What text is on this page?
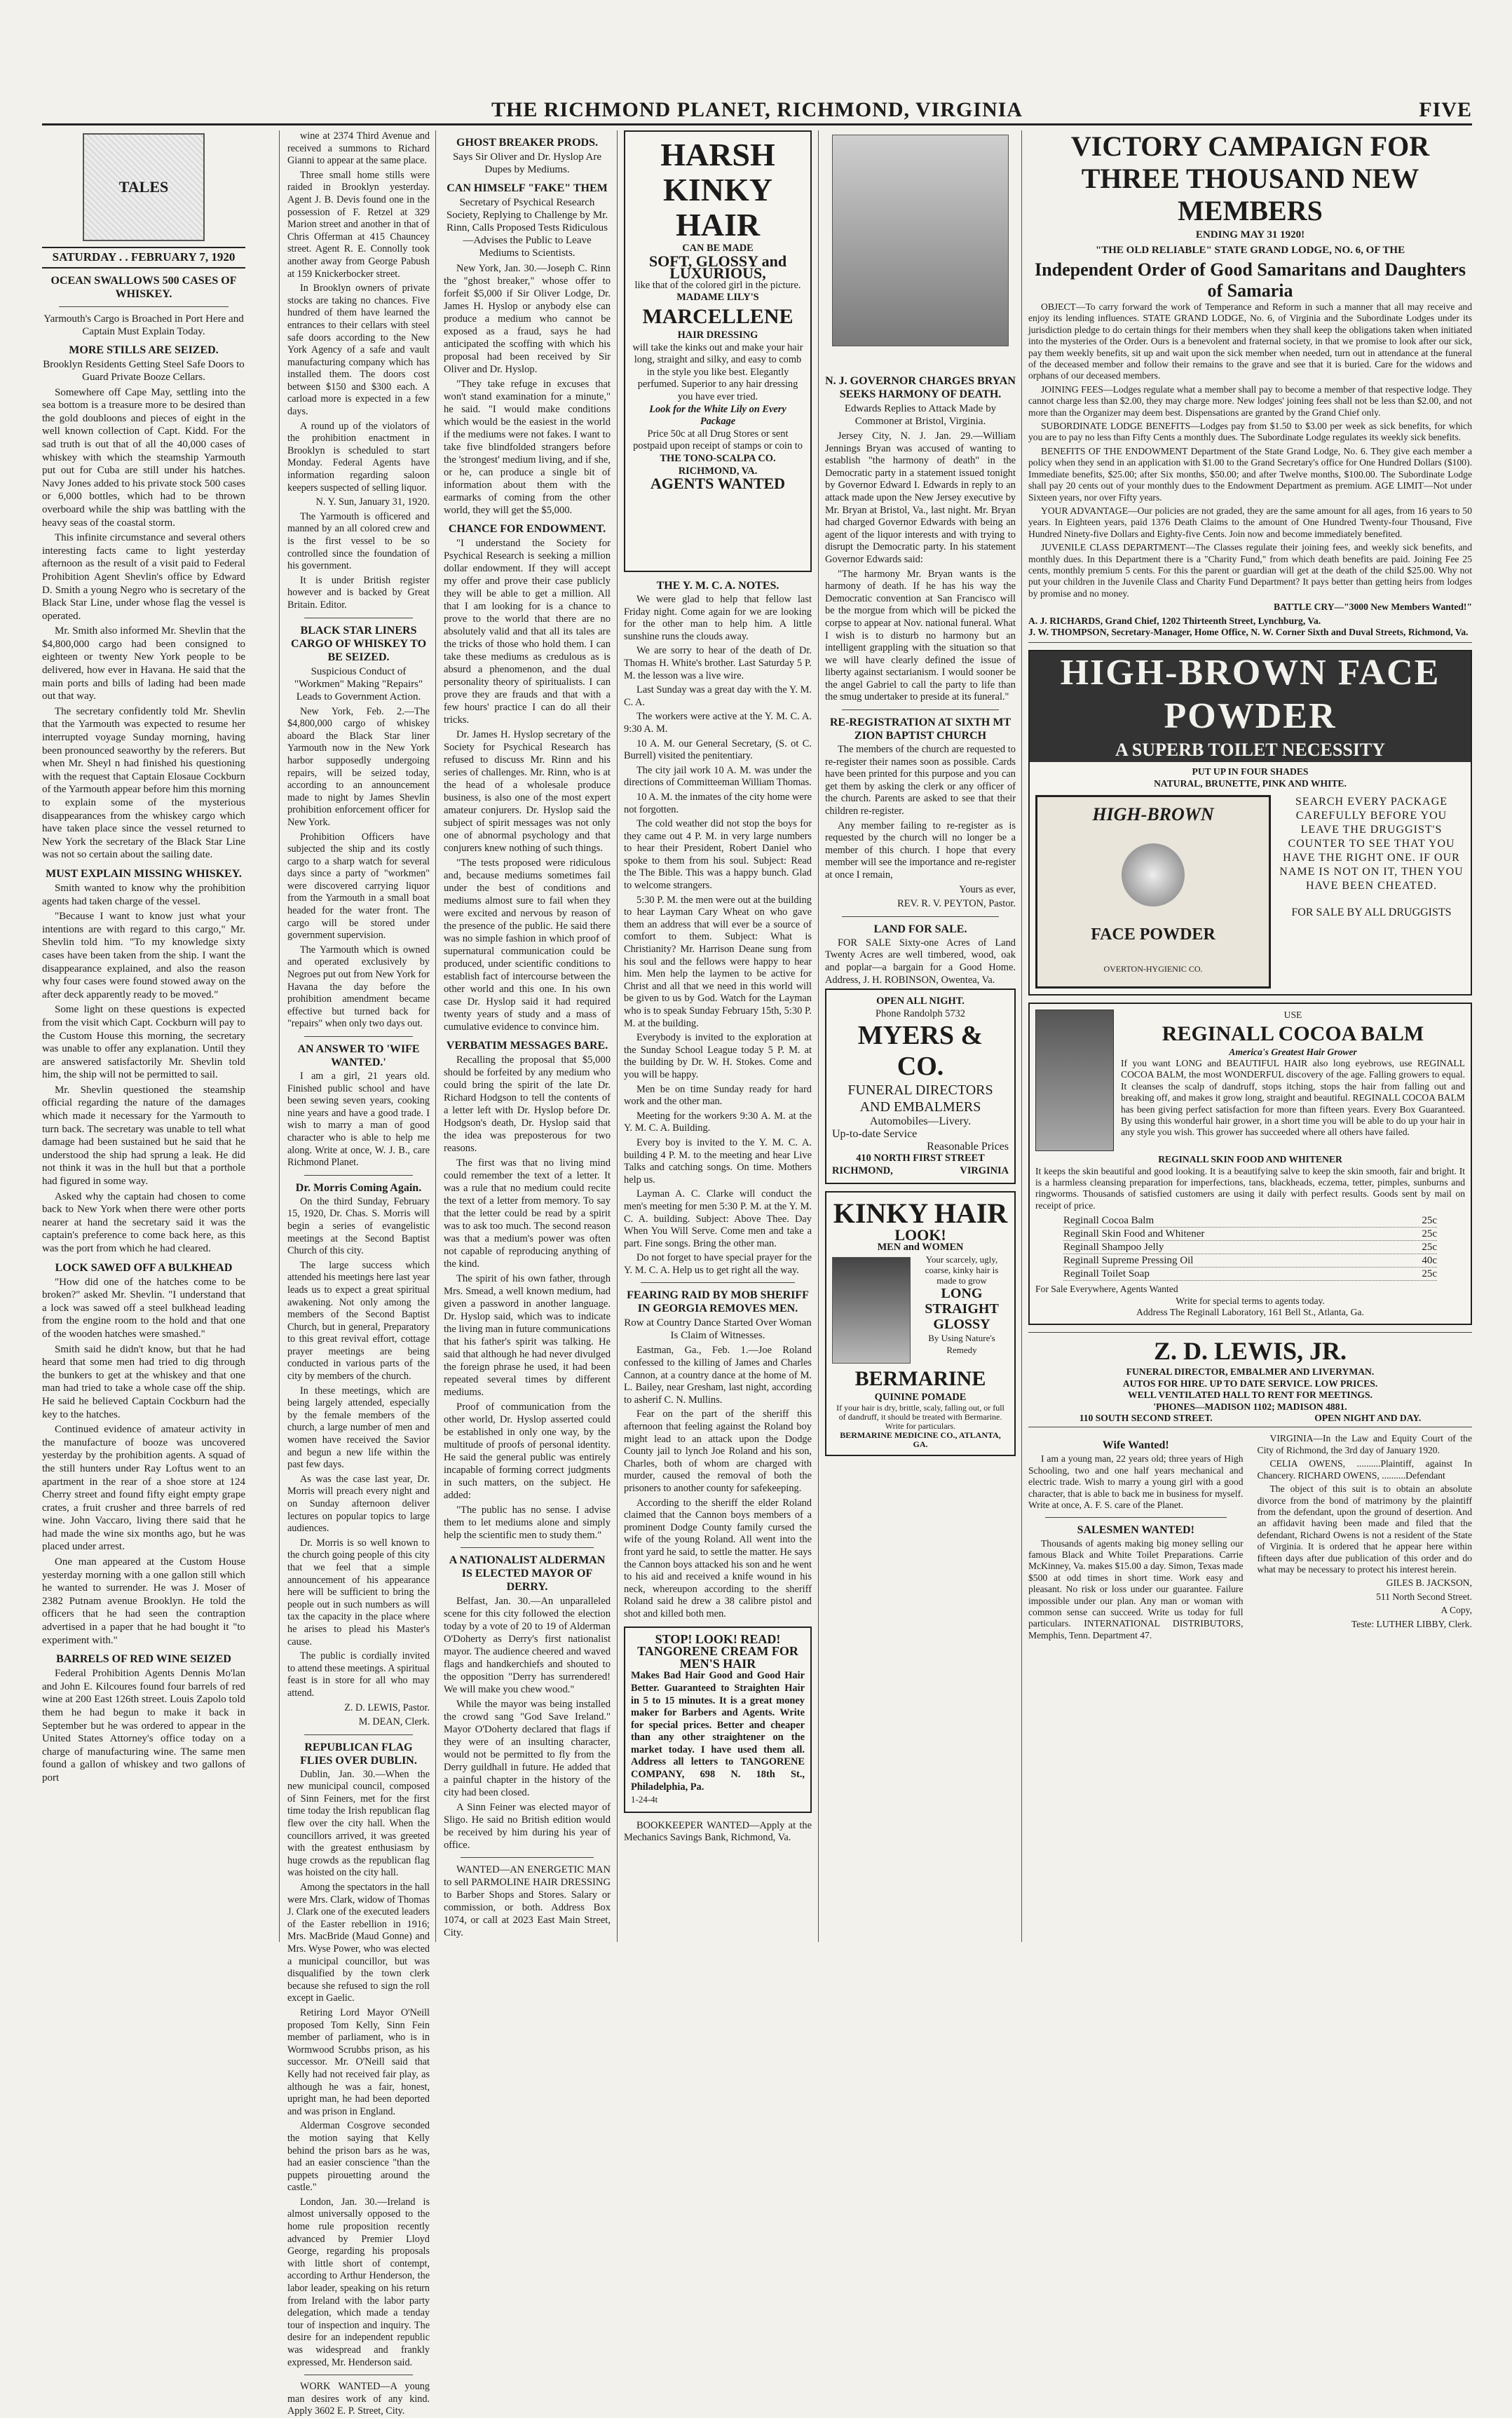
THE RICHMOND PLANET, RICHMOND, VIRGINIA	FIVE
TALES
SATURDAY . . FEBRUARY 7, 1920
OCEAN SWALLOWS 500 CASES OF WHISKEY.
Yarmouth's Cargo is Broached in Port Here and Captain Must Explain Today.
MORE STILLS ARE SEIZED.
Brooklyn Residents Getting Steel Safe Doors to Guard Private Booze Cellars.

Somewhere off Cape May, settling into the sea bottom is a treasure more to be desired than the gold doubloons and pieces of eight in the well known collection of Capt. Kidd. For the sad truth is out that of all the 40,000 cases of whiskey with which the steamship Yarmouth put out for Cuba are still under his hatches. Navy Jones added to his private stock 500 cases or 6,000 bottles, which had to be thrown overboard while the ship was battling with the heavy seas of the coastal storm.

This infinite circumstance and several others interesting facts came to light yesterday afternoon as the result of a visit paid to Federal Prohibition Agent Shevlin's office by Edward D. Smith a young Negro who is secretary of the Black Star Line, under whose flag the vessel is operated.

Mr. Smith also informed Mr. Shevlin that the $4,800,000 cargo had been consigned to eighteen or twenty New York people to be delivered, how ever in Havana. He said that the main ports and bills of lading had been made out that way.

The secretary confidently told Mr. Shevlin that the Yarmouth was expected to resume her interrupted voyage Sunday morning, having been pronounced seaworthy by the referers. But when Mr. Sheyl n had finished his questioning with the request that Captain Elosaue Cockburn of the Yarmouth appear before him this morning to explain some of the mysterious disappearances from the whiskey cargo which have taken place since the vessel returned to New York the secretary of the Black Star Line was not so certain about the sailing date.

MUST EXPLAIN MISSING WHISKEY.

Smith wanted to know why the prohibition agents had taken charge of the vessel.

"Because I want to know just what your intentions are with regard to this cargo," Mr. Shevlin told him. "To my knowledge sixty cases have been taken from the ship. I want the disappearance explained, and also the reason why four cases were found stowed away on the after deck apparently ready to be moved."

Some light on these questions is expected from the visit which Capt. Cockburn will pay to the Custom House this morning, the secretary was unable to offer any explanation. Until they are answered satisfactorily Mr. Shevlin told him, the ship will not be permitted to sail.

Mr. Shevlin questioned the steamship official regarding the nature of the damages which made it necessary for the Yarmouth to turn back. The secretary was unable to tell what damage had been sustained but he said that he understood the ship had sprung a leak. He did not think it was in the hull but that a porthole had figured in some way.

Asked why the captain had chosen to come back to New York when there were other ports nearer at hand the secretary said it was the captain's preference to come back here, as this was the port from which he had cleared.

LOCK SAWED OFF A BULKHEAD

"How did one of the hatches come to be broken?" asked Mr. Shevlin. "I understand that a lock was sawed off a steel bulkhead leading from the engine room to the hold and that one of the wooden hatches were smashed."

Smith said he didn't know, but that he had heard that some men had tried to dig through the bunkers to get at the whiskey and that one man had tried to take a whole case off the ship. He said he believed Captain Cockburn had the key to the hatches.

Continued evidence of amateur activity in the manufacture of booze was uncovered yesterday by the prohibition agents. A squad of the still hunters under Ray Loftus went to an apartment in the rear of a shoe store at 124 Cherry street and found fifty eight empty grape crates, a fruit crusher and three barrels of red wine. John Vaccaro, living there said that he had made the wine six months ago, but he was placed under arrest.

One man appeared at the Custom House yesterday morning with a one gallon still which he wanted to surrender. He was J. Moser of 2382 Putnam avenue Brooklyn. He told the officers that he had seen the contraption advertised in a paper that he had bought it "to experiment with."

BARRELS OF RED WINE SEIZED

Federal Prohibition Agents Dennis Mo'lan and John E. Kilcoures found four barrels of red wine at 200 East 126th street. Louis Zapolo told them he had begun to make it back in September but he was ordered to appear in the United States Attorney's office today on a charge of manufacturing wine. The same men found a gallon of whiskey and two gallons of port

wine at 2374 Third Avenue and received a summons to Richard Gianni to appear at the same place.

Three small home stills were raided in Brooklyn yesterday. Agent J. B. Devis found one in the possession of F. Retzel at 329 Marion street and another in that of Chris Offerman at 415 Chauncey street. Agent R. E. Connolly took another away from George Pabush at 159 Knickerbocker street.

In Brooklyn owners of private stocks are taking no chances. Five hundred of them have learned the entrances to their cellars with steel safe doors according to the New York Agency of a safe and vault manufacturing company which has installed them. The doors cost between $150 and $300 each. A carload more is expected in a few days.

A round up of the violators of the prohibition enactment in Brooklyn is scheduled to start Monday. Federal Agents have information regarding saloon keepers suspected of selling liquor.

N. Y. Sun, January 31, 1920.

The Yarmouth is officered and manned by an all colored crew and is the first vessel to be so controlled since the foundation of his government.

It is under British register however and is backed by Great Britain. Editor.

BLACK STAR LINERS CARGO OF WHISKEY TO BE SEIZED.
Suspicious Conduct of "Workmen" Making "Repairs" Leads to Government Action.

New York, Feb. 2.—The $4,800,000 cargo of whiskey aboard the Black Star liner Yarmouth now in the New York harbor supposedly undergoing repairs, will be seized today, according to an announcement made to night by James Shevlin prohibition enforcement officer for New York.

Prohibition Officers have subjected the ship and its costly cargo to a sharp watch for several days since a party of "workmen" were discovered carrying liquor from the Yarmouth in a small boat headed for the water front. The cargo will be stored under government supervision.

The Yarmouth which is owned and operated exclusively by Negroes put out from New York for Havana the day before the prohibition amendment became effective but turned back for "repairs" when only two days out.

AN ANSWER TO 'WIFE WANTED.'

I am a girl, 21 years old. Finished public school and have been sewing seven years, cooking nine years and have a good trade. I wish to marry a man of good character who is able to help me along. Write at once, W. J. B., care Richmond Planet.

Dr. Morris Coming Again.

On the third Sunday, February 15, 1920, Dr. Chas. S. Morris will begin a series of evangelistic meetings at the Second Baptist Church of this city.

The large success which attended his meetings here last year leads us to expect a great spiritual awakening. Not only among the members of the Second Baptist Church, but in general, Preparatory to this great revival effort, cottage prayer meetings are being conducted in various parts of the city by members of the church.

In these meetings, which are being largely attended, especially by the female members of the church, a large number of men and women have received the Savior and begun a new life within the past few days.

As was the case last year, Dr. Morris will preach every night and on Sunday afternoon deliver lectures on popular topics to large audiences.

Dr. Morris is so well known to the church going people of this city that we feel that a simple announcement of his appearance here will be sufficient to bring the people out in such numbers as will tax the capacity in the place where he arises to plead his Master's cause.

The public is cordially invited to attend these meetings. A spiritual feast is in store for all who may attend.

Z. D. LEWIS, Pastor.
M. DEAN, Clerk.
REPUBLICAN FLAG FLIES OVER DUBLIN.

Dublin, Jan. 30.—When the new municipal council, composed of Sinn Feiners, met for the first time today the Irish republican flag flew over the city hall. When the councillors arrived, it was greeted with the greatest enthusiasm by huge crowds as the republican flag was hoisted on the city hall.

Among the spectators in the hall were Mrs. Clark, widow of Thomas J. Clark one of the executed leaders of the Easter rebellion in 1916; Mrs. MacBride (Maud Gonne) and Mrs. Wyse Power, who was elected a municipal councillor, but was disqualified by the town clerk because she refused to sign the roll except in Gaelic.

Retiring Lord Mayor O'Neill proposed Tom Kelly, Sinn Fein member of parliament, who is in Wormwood Scrubbs prison, as his successor. Mr. O'Neill said that Kelly had not received fair play, as although he was a fair, honest, upright man, he had been deported and was prison in England.

Alderman Cosgrove seconded the motion saying that Kelly behind the prison bars as he was, had an easier conscience "than the puppets pirouetting around the castle."

London, Jan. 30.—Ireland is almost universally opposed to the home rule proposition recently advanced by Premier Lloyd George, regarding his proposals with little short of contempt, according to Arthur Henderson, the labor leader, speaking on his return from Ireland with the labor party delegation, which made a tenday tour of inspection and inquiry. The desire for an independent republic was widespread and frankly expressed, Mr. Henderson said.

WORK WANTED—A young man desires work of any kind. Apply 3602 E. P. Street, City.

GHOST BREAKER PRODS.
Says Sir Oliver and Dr. Hyslop Are Dupes by Mediums.
CAN HIMSELF "FAKE" THEM
Secretary of Psychical Research Society, Replying to Challenge by Mr. Rinn, Calls Proposed Tests Ridiculous—Advises the Public to Leave Mediums to Scientists.

New York, Jan. 30.—Joseph C. Rinn the "ghost breaker," whose offer to forfeit $5,000 if Sir Oliver Lodge, Dr. James H. Hyslop or anybody else can produce a medium who cannot be exposed as a fraud, says he had anticipated the scoffing with which his proposal had been received by Sir Oliver and Dr. Hyslop.

"They take refuge in excuses that won't stand examination for a minute," he said. "I would make conditions which would be the easiest in the world if the mediums were not fakes. I want to take five blindfolded strangers before the 'strongest' medium living, and if she, or he, can produce a single bit of information about them with the earmarks of coming from the other world, they will get the $5,000.

CHANCE FOR ENDOWMENT.

"I understand the Society for Psychical Research is seeking a million dollar endowment. If they will accept my offer and prove their case publicly they will be able to get a million. All that I am looking for is a chance to prove to the world that there are no absolutely valid and that all its tales are the tricks of those who hold them. I can take these mediums as credulous as is absurd a phenomenon, and the dual personality theory of spiritualists. I can prove they are frauds and that with a few hours' practice I can do all their tricks.

Dr. James H. Hyslop secretary of the Society for Psychical Research has refused to discuss Mr. Rinn and his series of challenges. Mr. Rinn, who is at the head of a wholesale produce business, is also one of the most expert amateur conjurers. Dr. Hyslop said the subject of spirit messages was not only one of abnormal psychology and that conjurers knew nothing of such things.

"The tests proposed were ridiculous and, because mediums sometimes fail under the best of conditions and mediums almost sure to fail when they were excited and nervous by reason of the presence of the public. He said there was no simple fashion in which proof of supernatural communication could be produced, under scientific conditions to establish fact of intercourse between the other world and this one. In his own case Dr. Hyslop said it had required twenty years of study and a mass of cumulative evidence to convince him.

VERBATIM MESSAGES BARE.

Recalling the proposal that $5,000 should be forfeited by any medium who could bring the spirit of the late Dr. Richard Hodgson to tell the contents of a letter left with Dr. Hyslop before Dr. Hodgson's death, Dr. Hyslop said that the idea was preposterous for two reasons.

The first was that no living mind could remember the text of a letter. It was a rule that no medium could recite the text of a letter from memory. To say that the letter could be read by a spirit was to ask too much. The second reason was that a medium's power was often not capable of reproducing anything of the kind.

The spirit of his own father, through Mrs. Smead, a well known medium, had given a password in another language. Dr. Hyslop said, which was to indicate the living man in future communications that his father's spirit was talking. He said that although he had never divulged the foreign phrase he used, it had been repeated several times by different mediums.

Proof of communication from the other world, Dr. Hyslop asserted could be established in only one way, by the multitude of proofs of personal identity. He said the general public was entirely incapable of forming correct judgments in such matters, on the subject. He added:

"The public has no sense. I advise them to let mediums alone and simply help the scientific men to study them."

A NATIONALIST ALDERMAN IS ELECTED MAYOR OF DERRY.

Belfast, Jan. 30.—An unparalleled scene for this city followed the election today by a vote of 20 to 19 of Alderman O'Doherty as Derry's first nationalist mayor. The audience cheered and waved flags and handkerchiefs and shouted to the opposition "Derry has surrendered! We will make you chew wood."

While the mayor was being installed the crowd sang "God Save Ireland." Mayor O'Doherty declared that flags if they were of an insulting character, would not be permitted to fly from the Derry guildhall in future. He added that a painful chapter in the history of the city had been closed.

A Sinn Feiner was elected mayor of Sligo. He said no British edition would be received by him during his year of office.

WANTED—AN ENERGETIC MAN to sell PARMOLINE HAIR DRESSING to Barber Shops and Stores. Salary or commission, or both. Address Box 1074, or call at 2023 East Main Street, City.

HARSH KINKY HAIR
CAN BE MADE
SOFT, GLOSSY and LUXURIOUS,
like that of the colored girl in the picture.
MADAME LILY'S
MARCELLENE
HAIR DRESSING
will take the kinks out and make your hair long, straight and silky, and easy to comb in the style you like best. Elegantly perfumed. Superior to any hair dressing you have ever tried.
Look for the White Lily on Every Package
Price 50c at all Drug Stores or sent postpaid upon receipt of stamps or coin to
THE TONO-SCALPA CO.
RICHMOND, VA.
AGENTS WANTED
THE Y. M. C. A. NOTES.

We were glad to help that fellow last Friday night. Come again for we are looking for the other man to help him. A little sunshine runs the clouds away.

We are sorry to hear of the death of Dr. Thomas H. White's brother. Last Saturday 5 P. M. the lesson was a live wire.

Last Sunday was a great day with the Y. M. C. A.

The workers were active at the Y. M. C. A. 9:30 A. M.

10 A. M. our General Secretary, (S. ot C. Burrell) visited the penitentiary.

The city jail work 10 A. M. was under the directions of Committeeman William Thomas.

10 A. M. the inmates of the city home were not forgotten.

The cold weather did not stop the boys for they came out 4 P. M. in very large numbers to hear their President, Robert Daniel who spoke to them from his soul. Subject: Read the The Bible. This was a happy bunch. Glad to welcome strangers.

5:30 P. M. the men were out at the building to hear Layman Cary Wheat on who gave them an address that will ever be a source of comfort to them. Subject: What is Christianity? Mr. Harrison Deane sung from his soul and the fellows were happy to hear him. Men help the laymen to be active for Christ and all that we need in this world will be given to us by God. Watch for the Layman who is to speak Sunday February 15th, 5:30 P. M. at the building.

Everybody is invited to the exploration at the Sunday School League today 5 P. M. at the building by Dr. W. H. Stokes. Come and you will be happy.

Men be on time Sunday ready for hard work and the other man.

Meeting for the workers 9:30 A. M. at the Y. M. C. A. Building.

Every boy is invited to the Y. M. C. A. building 4 P. M. to the meeting and hear Live Talks and catching songs. On time. Mothers help us.

Layman A. C. Clarke will conduct the men's meeting for men 5:30 P. M. at the Y. M. C. A. building. Subject: Above Thee. Day When You Will Serve. Come men and take a part. Fine songs. Bring the other man.

Do not forget to have special prayer for the Y. M. C. A. Help us to get right all the way.

FEARING RAID BY MOB SHERIFF IN GEORGIA REMOVES MEN.
Row at Country Dance Started Over Woman Is Claim of Witnesses.

Eastman, Ga., Feb. 1.—Joe Roland confessed to the killing of James and Charles Cannon, at a country dance at the home of M. L. Bailey, near Gresham, last night, according to asherif C. N. Mullins.

Fear on the part of the sheriff this afternoon that feeling against the Roland boy might lead to an attack upon the Dodge County jail to lynch Joe Roland and his son, Charles, both of whom are charged with murder, caused the removal of both the prisoners to another county for safekeeping.

According to the sheriff the elder Roland claimed that the Cannon boys members of a prominent Dodge County family cursed the wife of the young Roland. All went into the front yard he said, to settle the matter. He says the Cannon boys attacked his son and he went to his aid and received a knife wound in his neck, whereupon according to the sheriff Roland said he drew a 38 calibre pistol and shot and killed both men.

STOP! LOOK! READ!
TANGORENE CREAM FOR MEN'S HAIR
Makes Bad Hair Good and Good Hair Better. Guaranteed to Straighten Hair in 5 to 15 minutes. It is a great money maker for Barbers and Agents. Write for special prices. Better and cheaper than any other straightener on the market today. I have used them all. Address all letters to TANGORENE COMPANY, 698 N. 18th St., Philadelphia, Pa.
1-24-4t

BOOKKEEPER WANTED—Apply at the Mechanics Savings Bank, Richmond, Va.

N. J. GOVERNOR CHARGES BRYAN SEEKS HARMONY OF DEATH.
Edwards Replies to Attack Made by Commoner at Bristol, Virginia.

Jersey City, N. J. Jan. 29.—William Jennings Bryan was accused of wanting to establish "the harmony of death" in the Democratic party in a statement issued tonight by Governor Edward I. Edwards in reply to an attack made upon the New Jersey executive by Mr. Bryan at Bristol, Va., last night. Mr. Bryan had charged Governor Edwards with being an agent of the liquor interests and with trying to disrupt the Democratic party. In his statement Governor Edwards said:

"The harmony Mr. Bryan wants is the harmony of death. If he has his way the Democratic convention at San Francisco will be the morgue from which will be picked the corpse to appear at Nov. national funeral. What I wish is to disturb no harmony but an intelligent grappling with the situation so that we will have clearly defined the issue of liberty against sectarianism. I would sooner be the angel Gabriel to call the party to life than the smug undertaker to preside at its funeral."

RE-REGISTRATION AT SIXTH MT ZION BAPTIST CHURCH

The members of the church are requested to re-register their names soon as possible. Cards have been printed for this purpose and you can get them by asking the clerk or any officer of the church. Parents are asked to see that their children re-register.

Any member failing to re-register as is requested by the church will no longer be a member of this church. I hope that every member will see the importance and re-register at once I remain,

Yours as ever,
REV. R. V. PEYTON, Pastor.
LAND FOR SALE.

FOR SALE Sixty-one Acres of Land Twenty Acres are well timbered, wood, oak and poplar—a bargain for a Good Home. Address, J. H. ROBINSON, Owentea, Va.

OPEN ALL NIGHT.
Phone Randolph 5732
MYERS & CO.
FUNERAL DIRECTORS AND EMBALMERS
Automobiles—Livery.
Up-to-date Service
Reasonable Prices
410 NORTH FIRST STREET
RICHMOND,	VIRGINIA
KINKY HAIR
LOOK!
MEN and WOMEN
Your scarcely, ugly, coarse, kinky hair is made to grow
LONG STRAIGHT GLOSSY
By Using Nature's Remedy
BERMARINE
QUININE POMADE
If your hair is dry, brittle, scaly, falling out, or full of dandruff, it should be treated with Bermarine. Write for particulars.
BERMARINE MEDICINE CO., ATLANTA, GA.
VICTORY CAMPAIGN FOR THREE THOUSAND NEW MEMBERS
ENDING MAY 31 1920!
"THE OLD RELIABLE" STATE GRAND LODGE, NO. 6, OF THE
Independent Order of Good Samaritans and Daughters of Samaria

OBJECT—To carry forward the work of Temperance and Reform in such a manner that all may receive and enjoy its lending influences. STATE GRAND LODGE, No. 6, of Virginia and the Subordinate Lodges under its jurisdiction pledge to do certain things for their members when they shall keep the obligations taken when initiated into the mysteries of the Order. Ours is a benevolent and fraternal society, in that we promise to look after our sick, pay them weekly benefits, sit up and wait upon the sick member when needed, turn out in attendance at the funeral of the deceased member and follow their remains to the grave and see that it is buried. Care for the widows and orphans of our deceased members.

JOINING FEES—Lodges regulate what a member shall pay to become a member of that respective lodge. They cannot charge less than $2.00, they may charge more. New lodges' joining fees shall not be less than $2.00, and not more than the Organizer may deem best. Dispensations are granted by the Grand Chief only.

SUBORDINATE LODGE BENEFITS—Lodges pay from $1.50 to $3.00 per week as sick benefits, for which you are to pay no less than Fifty Cents a monthly dues. The Subordinate Lodge regulates its weekly sick benefits.

BENEFITS OF THE ENDOWMENT Department of the State Grand Lodge, No. 6. They give each member a policy when they send in an application with $1.00 to the Grand Secretary's office for One Hundred Dollars ($100). Immediate benefits, $25.00; after Six months, $50.00; and after Twelve months, $100.00. The Subordinate Lodge shall pay 20 cents out of your monthly dues to the Endowment Department as premium. AGE LIMIT—Not under Sixteen years, nor over Fifty years.

YOUR ADVANTAGE—Our policies are not graded, they are the same amount for all ages, from 16 years to 50 years. In Eighteen years, paid 1376 Death Claims to the amount of One Hundred Twenty-four Thousand, Five Hundred Ninety-five Dollars and Eighty-five Cents. Join now and become immediately benefited.

JUVENILE CLASS DEPARTMENT—The Classes regulate their joining fees, and weekly sick benefits, and monthly dues. In this Department there is a "Charity Fund," from which death benefits are paid. Joining Fee 25 cents, monthly premium 5 cents. For this the parent or guardian will get at the death of the child $25.00. Why not put your children in the Juvenile Class and Charity Fund Department? It pays better than getting heirs from lodges by promise and no money.

BATTLE CRY—"3000 New Members Wanted!"
A. J. RICHARDS, Grand Chief, 1202 Thirteenth Street, Lynchburg, Va.
J. W. THOMPSON, Secretary-Manager, Home Office, N. W. Corner Sixth and Duval Streets, Richmond, Va.
HIGH-BROWN FACE POWDER
A SUPERB TOILET NECESSITY
PUT UP IN FOUR SHADES
NATURAL, BRUNETTE, PINK AND WHITE.
HIGH-BROWN
FACE POWDER
OVERTON-HYGIENIC CO.
SEARCH EVERY PACKAGE CAREFULLY BEFORE YOU LEAVE THE DRUGGIST'S COUNTER TO SEE THAT YOU HAVE THE RIGHT ONE. IF OUR NAME IS NOT ON IT, THEN YOU HAVE BEEN CHEATED.
FOR SALE BY ALL DRUGGISTS
USE
REGINALL COCOA BALM
America's Greatest Hair Grower
If you want LONG and BEAUTIFUL HAIR also long eyebrows, use REGINALL COCOA BALM, the most WONDERFUL discovery of the age. Falling growers to equal. It cleanses the scalp of dandruff, stops itching, stops the hair from falling out and breaking off, and makes it grow long, straight and beautiful. REGINALL COCOA BALM has been giving perfect satisfaction for more than fifteen years. Every Box Guaranteed. By using this wonderful hair grower, in a short time you will be able to do up your hair in any style you wish. This grower has succeeded where all others have failed.
REGINALL SKIN FOOD AND WHITENER
It keeps the skin beautiful and good looking. It is a beautifying salve to keep the skin smooth, fair and bright. It is a harmless cleansing preparation for imperfections, tans, blackheads, eczema, tetter, pimples, sunburns and ringworms. Thousands of satisfied customers are using it daily with perfect results. Goods sent by mail on receipt of price.
Reginall Cocoa Balm	25c
Reginall Skin Food and Whitener	25c
Reginall Shampoo Jelly	25c
Reginall Supreme Pressing Oil	40c
Reginall Toilet Soap	25c
For Sale Everywhere, Agents Wanted
Write for special terms to agents today.
Address The Reginall Laboratory, 161 Bell St., Atlanta, Ga.
Z. D. LEWIS, JR.
FUNERAL DIRECTOR, EMBALMER AND LIVERYMAN.
AUTOS FOR HIRE. UP TO DATE SERVICE. LOW PRICES.
WELL VENTILATED HALL TO RENT FOR MEETINGS.
'PHONES—MADISON 1102; MADISON 4881.
110 SOUTH SECOND STREET.	OPEN NIGHT AND DAY.
Wife Wanted!

I am a young man, 22 years old; three years of High Schooling, two and one half years mechanical and electric trade. Wish to marry a young girl with a good character, that is able to back me in business for myself. Write at once, A. F. S. care of the Planet.

SALESMEN WANTED!

Thousands of agents making big money selling our famous Black and White Toilet Preparations. Carrie McKinney, Va. makes $15.00 a day. Simon, Texas made $500 at odd times in short time. Work easy and pleasant. No risk or loss under our guarantee. Failure impossible under our plan. Any man or woman with common sense can succeed. Write us today for full particulars. INTERNATIONAL DISTRIBUTORS, Memphis, Tenn. Department 47.

VIRGINIA—In the Law and Equity Court of the City of Richmond, the 3rd day of January 1920.

CELIA OWENS, ..........Plaintiff, against In Chancery. RICHARD OWENS, ..........Defendant

The object of this suit is to obtain an absolute divorce from the bond of matrimony by the plaintiff from the defendant, upon the ground of desertion. And an affidavit having been made and filed that the defendant, Richard Owens is not a resident of the State of Virginia. It is ordered that he appear here within fifteen days after due publication of this order and do what may be necessary to protect his interest herein.

GILES B. JACKSON,
511 North Second Street.
A Copy,
Teste: LUTHER LIBBY, Clerk.
